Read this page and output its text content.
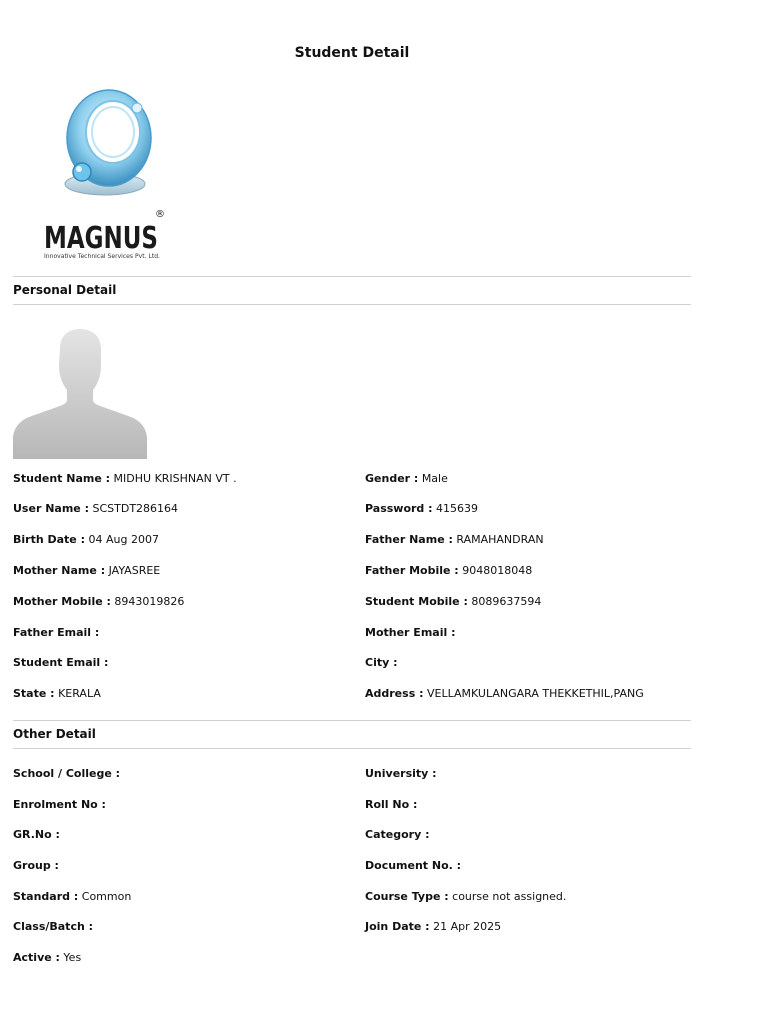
Student Detail
MAGNUS
®
Innovative Technical Services Pvt. Ltd.
Personal Detail
Student Name : MIDHU KRISHNAN VT .	Gender : Male
User Name : SCSTDT286164	Password : 415639
Birth Date : 04 Aug 2007	Father Name : RAMAHANDRAN
Mother Name : JAYASREE	Father Mobile : 9048018048
Mother Mobile : 8943019826	Student Mobile : 8089637594
Father Email :	Mother Email :
Student Email :	City :
State : KERALA	Address : VELLAMKULANGARA THEKKETHIL,PANG
Other Detail
School / College :	University :
Enrolment No :	Roll No :
GR.No :	Category :
Group :	Document No. :
Standard : Common	Course Type : course not assigned.
Class/Batch :	Join Date : 21 Apr 2025
Active : Yes
